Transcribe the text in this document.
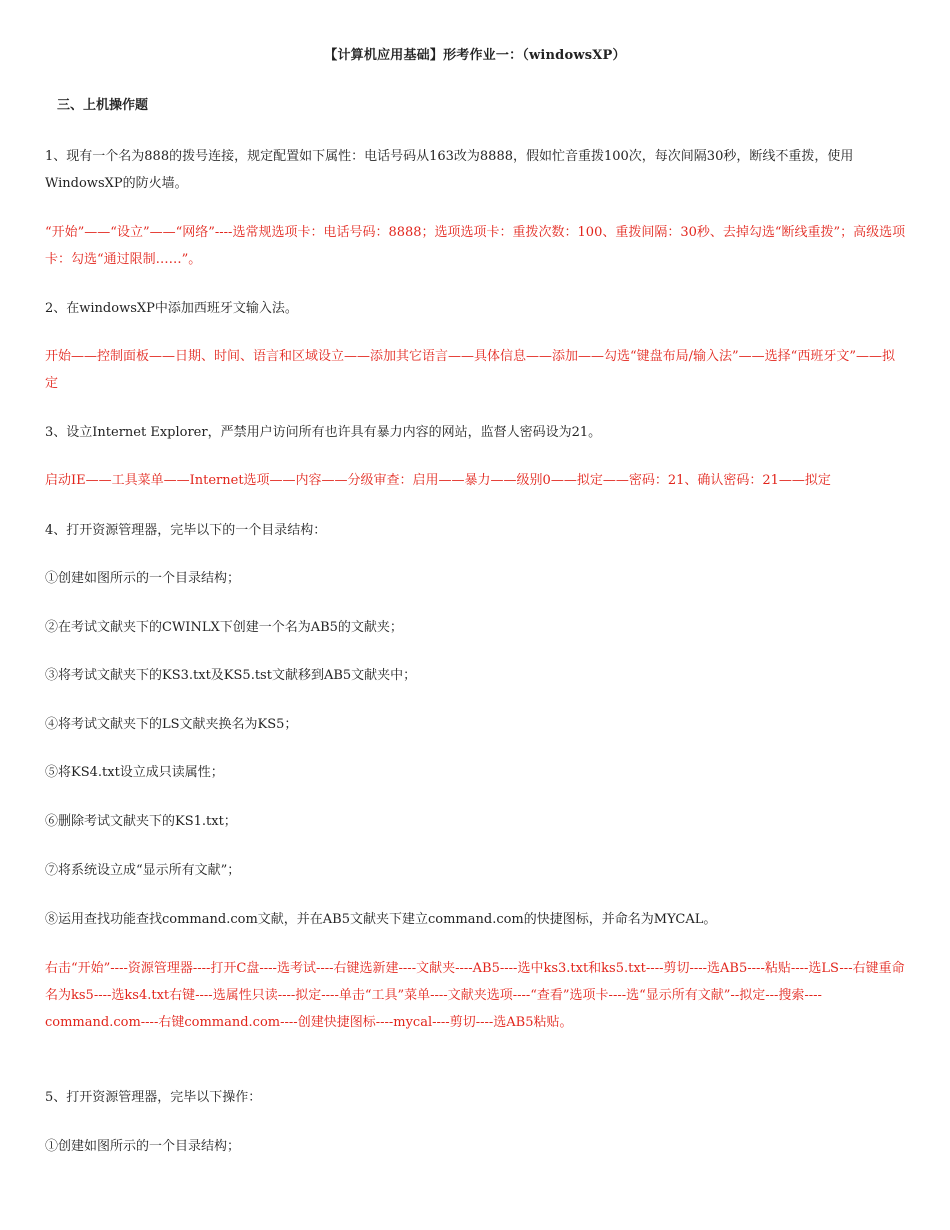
【计算机应用基础】形考作业一：（windowsXP）
三、上机操作题

1、现有一个名为888的拨号连接，规定配置如下属性：电话号码从163改为8888，假如忙音重拨100次，每次间隔30秒，断线不重拨，使用WindowsXP的防火墙。

“开始”——“设立”——“网络”----选常规选项卡：电话号码：8888；选项选项卡：重拨次数：100、重拨间隔：30秒、去掉勾选“断线重拨”；高级选项卡：勾选“通过限制……”。

2、在windowsXP中添加西班牙文输入法。

开始——控制面板——日期、时间、语言和区域设立——添加其它语言——具体信息——添加——勾选“键盘布局/输入法”——选择“西班牙文”——拟定

3、设立Internet Explorer，严禁用户访问所有也许具有暴力内容的网站，监督人密码设为21。

启动IE——工具菜单——Internet选项——内容——分级审查：启用——暴力——级别0——拟定——密码：21、确认密码：21——拟定

4、打开资源管理器，完毕以下的一个目录结构：

①创建如图所示的一个目录结构；

②在考试文献夹下的CWINLX下创建一个名为AB5的文献夹；

③将考试文献夹下的KS3.txt及KS5.tst文献移到AB5文献夹中；

④将考试文献夹下的LS文献夹换名为KS5；

⑤将KS4.txt设立成只读属性；

⑥删除考试文献夹下的KS1.txt；

⑦将系统设立成“显示所有文献”；

⑧运用查找功能查找command.com文献，并在AB5文献夹下建立command.com的快捷图标，并命名为MYCAL。

右击“开始”----资源管理器----打开C盘----选考试----右键选新建----文献夹----AB5----选中ks3.txt和ks5.txt----剪切----选AB5----粘贴----选LS---右键重命名为ks5----选ks4.txt右键----选属性只读----拟定----单击“工具”菜单----文献夹选项----“查看”选项卡----选“显示所有文献”--拟定---搜索----command.com----右键command.com----创建快捷图标----mycal----剪切----选AB5粘贴。

5、打开资源管理器，完毕以下操作：

①创建如图所示的一个目录结构；
